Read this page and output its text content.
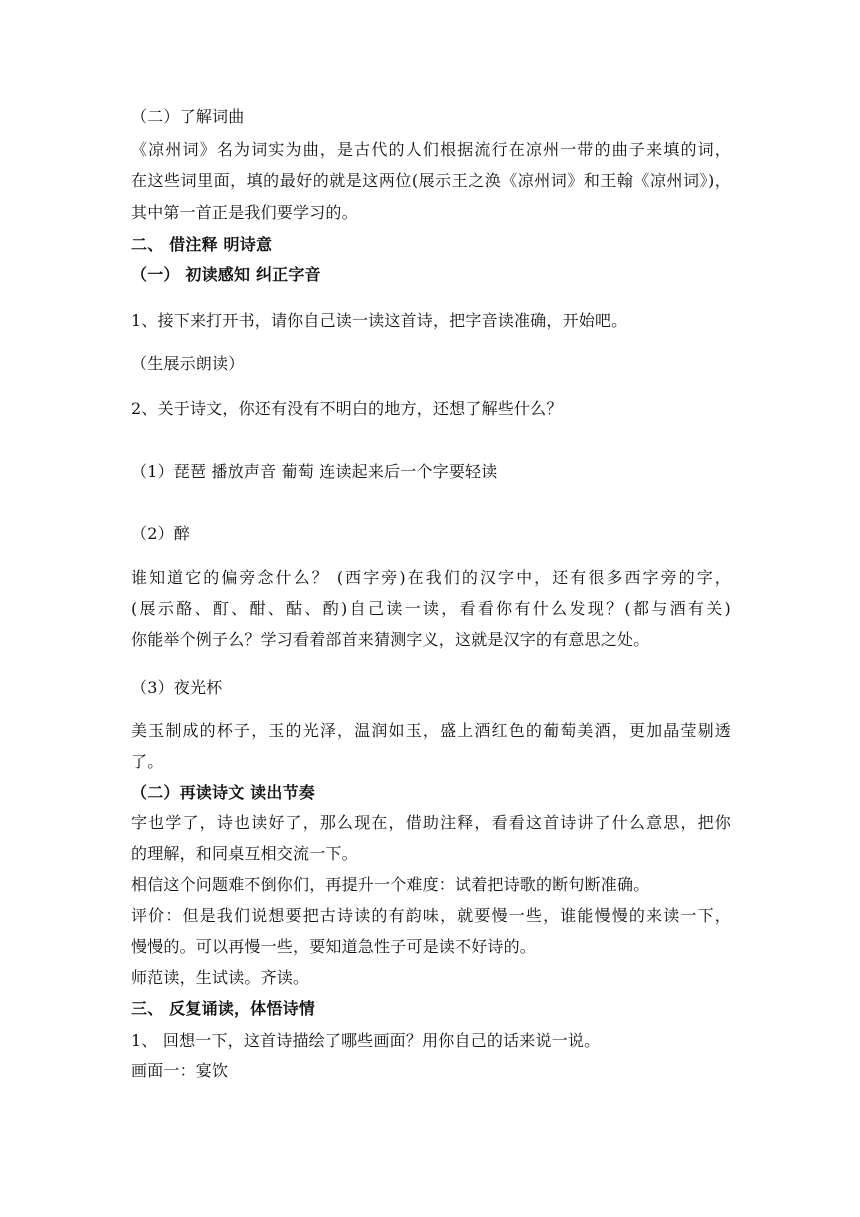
（二）了解词曲
《凉州词》名为词实为曲，是古代的人们根据流行在凉州一带的曲子来填的词，
在这些词里面，填的最好的就是这两位(展示王之涣《凉州词》和王翰《凉州词》)，
其中第一首正是我们要学习的。
二、 借注释 明诗意
（一） 初读感知 纠正字音
1、接下来打开书，请你自己读一读这首诗，把字音读准确，开始吧。
（生展示朗读）
2、关于诗文，你还有没有不明白的地方，还想了解些什么？
（1）琵琶 播放声音 葡萄 连读起来后一个字要轻读
（2）醉
谁知道它的偏旁念什么？ (西字旁)在我们的汉字中，还有很多西字旁的字，
(展示酪、酊、酣、酤、酌)自己读一读，看看你有什么发现？(都与酒有关)
你能举个例子么？学习看着部首来猜测字义，这就是汉字的有意思之处。
（3）夜光杯
美玉制成的杯子，玉的光泽，温润如玉，盛上酒红色的葡萄美酒，更加晶莹剔透
了。
（二）再读诗文 读出节奏
字也学了，诗也读好了，那么现在，借助注释，看看这首诗讲了什么意思，把你
的理解，和同桌互相交流一下。
相信这个问题难不倒你们，再提升一个难度：试着把诗歌的断句断准确。
评价：但是我们说想要把古诗读的有韵味，就要慢一些，谁能慢慢的来读一下，
慢慢的。可以再慢一些，要知道急性子可是读不好诗的。
师范读，生试读。齐读。
三、 反复诵读，体悟诗情
1、 回想一下，这首诗描绘了哪些画面？用你自己的话来说一说。
画面一：宴饮
